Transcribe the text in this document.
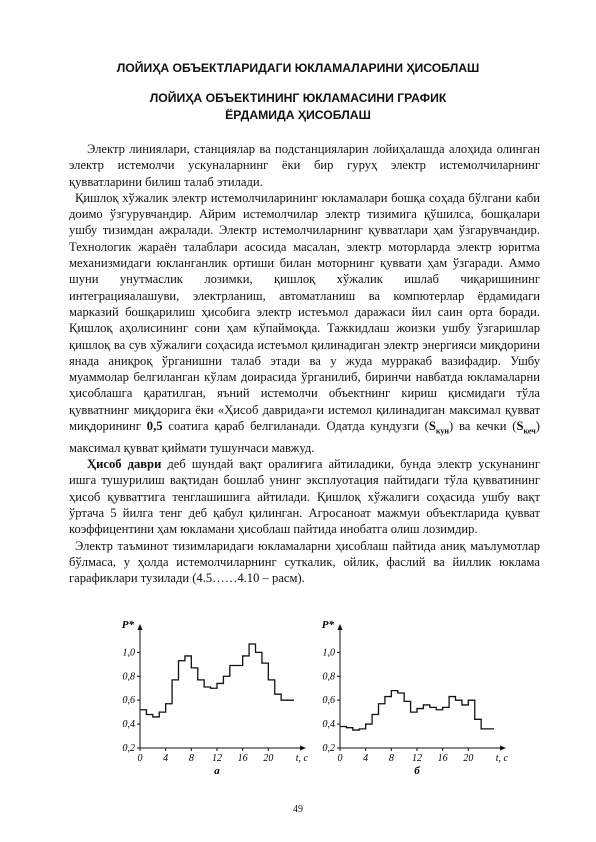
ЛОЙИҲА ОБЪЕКТЛАРИДАГИ ЮКЛАМАЛАРИНИ ҲИСОБЛАШ
ЛОЙИҲА ОБЪЕКТИНИНГ ЮКЛАМАСИНИ ГРАФИК
ЁРДАМИДА ҲИСОБЛАШ

Электр линиялари, станциялар ва подстанцияларин лойиҳалашда алоҳида олинган электр истемолчи ускуналарнинг ёки бир гуруҳ электр истемолчиларнинг қувватларини билиш талаб этилади.

Қишлоқ хўжалик электр истемолчиларининг юкламалари бошқа соҳада бўлгани каби доимо ўзгурувчандир. Айрим истемолчилар электр тизимига қўшилса, бошқалари ушбу тизимдан ажралади. Электр истемолчиларнинг қувватлари ҳам ўзгарувчандир. Технологик жараён талаблари асосида масалан, электр моторларда электр юритма механизмидаги юкланганлик ортиши билан моторнинг қуввати ҳам ўзгаради. Аммо шуни унутмаслик лозимки, қишлоқ хўжалик ишлаб чиқаришининг интеграцияалашуви, электрланиш, автоматланиш ва компютерлар ёрдамидаги марказий бошқарилиш ҳисобига электр истеъмол даражаси йил саин орта боради. Қишлоқ аҳолисининг сони ҳам кўпаймоқда. Тажкидлаш жоизки ушбу ўзгаришлар қишлоқ ва сув хўжалиги соҳасида истеъмол қилинадиган электр энергияси миқдорини янада аниқроқ ўрганишни талаб этади ва у жуда мурракаб вазифадир. Ушбу муаммолар белгиланган кўлам доирасида ўрганилиб, биринчи навбатда юкламаларни ҳисоблашга қаратилган, яъний истемолчи объектнинг кириш қисмидаги тўла қувватнинг миқдорига ёки «Ҳисоб даврида»ги истемол қилинадиган максимал қувват миқдорининг 0,5 соатига қараб белгиланади. Одатда кундузги $(S_{кун})$ ва кечки $(S_{кеч})$ максимал қувват қиймати тушунчаси мавжуд.

Ҳисоб даври деб шундай вақт оралиғига айтиладики, бунда электр ускунанинг ишга тушурилиш вақтидан бошлаб унинг эксплуотация пайтидаги тўла қувватининг ҳисоб қувваттига тенглашишига айтилади. Қишлоқ хўжалиги соҳасида ушбу вақт ўртача 5 йилга тенг деб қабул қилинган. Агросаноат мажмуи объектларида қувват коэффицентини ҳам юкламани ҳисоблаш пайтида инобатга олиш лозимдир.

Электр таъминот тизимларидаги юкламаларни ҳисоблаш пайтида аниқ маълумотлар бўлмаса, у ҳолда истемолчиларнинг суткалик, ойлик, фаслий ва йиллик юклама гарафиклари тузилади (4.5……4.10 – расм).

0,2
0,4
0,6
0,8
1,0
0 4 8 12 16 20
P*
t, c
а
0,2
0,4
0,6
0,8
1,0
0 4 8 12 16 20
P*
t, c
б
49
